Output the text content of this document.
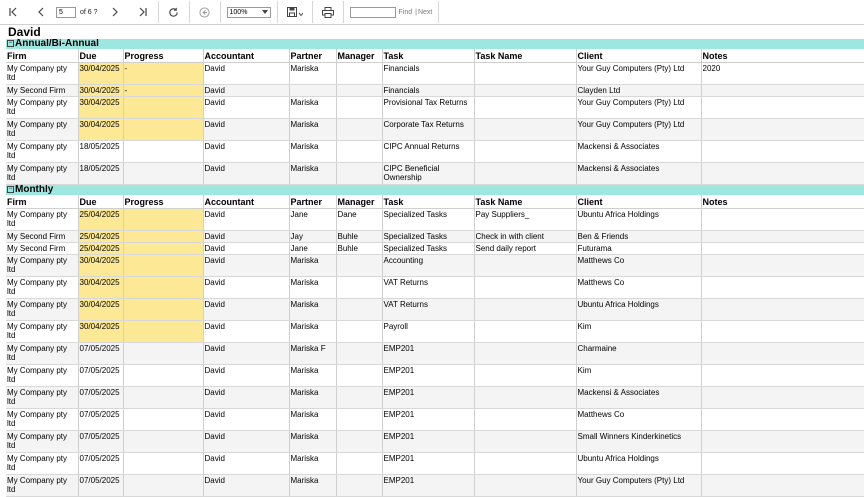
5
of 6 ?	100%	Find | Next
David
− Annual/Bi-Annual									
Firm	Due	Progress	Accountant	Partner	Manager	Task	Task Name	Client	Notes
My Company pty ltd	30/04/2025	-	David	Mariska		Financials		Your Guy Computers (Pty) Ltd	2020
My Second Firm	30/04/2025	-	David			Financials		Clayden Ltd	
My Company pty ltd	30/04/2025		David	Mariska		Provisional Tax Returns		Your Guy Computers (Pty) Ltd	
My Company pty ltd	30/04/2025		David	Mariska		Corporate Tax Returns		Your Guy Computers (Pty) Ltd	
My Company pty ltd	18/05/2025		David	Mariska		CIPC Annual Returns		Mackensi & Associates	
My Company pty ltd	18/05/2025		David	Mariska		CIPC Beneficial Ownership		Mackensi & Associates	
− Monthly									
Firm	Due	Progress	Accountant	Partner	Manager	Task	Task Name	Client	Notes
My Company pty ltd	25/04/2025		David	Jane	Dane	Specialized Tasks	Pay Suppliers_	Ubuntu Africa Holdings	
My Second Firm	25/04/2025		David	Jay	Buhle	Specialized Tasks	Check in with client	Ben & Friends	
My Second Firm	25/04/2025		David	Jane	Buhle	Specialized Tasks	Send daily report	Futurama	
My Company pty ltd	30/04/2025		David	Mariska		Accounting		Matthews Co	
My Company pty ltd	30/04/2025		David	Mariska		VAT Returns		Matthews Co	
My Company pty ltd	30/04/2025		David	Mariska		VAT Returns		Ubuntu Africa Holdings	
My Company pty ltd	30/04/2025		David	Mariska		Payroll		Kim	
My Company pty ltd	07/05/2025		David	Mariska F		EMP201		Charmaine	
My Company pty ltd	07/05/2025		David	Mariska		EMP201		Kim	
My Company pty ltd	07/05/2025		David	Mariska		EMP201		Mackensi & Associates	
My Company pty ltd	07/05/2025		David	Mariska		EMP201		Matthews Co	
My Company pty ltd	07/05/2025		David	Mariska		EMP201		Small Winners Kinderkinetics	
My Company pty ltd	07/05/2025		David	Mariska		EMP201		Ubuntu Africa Holdings	
My Company pty ltd	07/05/2025		David	Mariska		EMP201		Your Guy Computers (Pty) Ltd	
